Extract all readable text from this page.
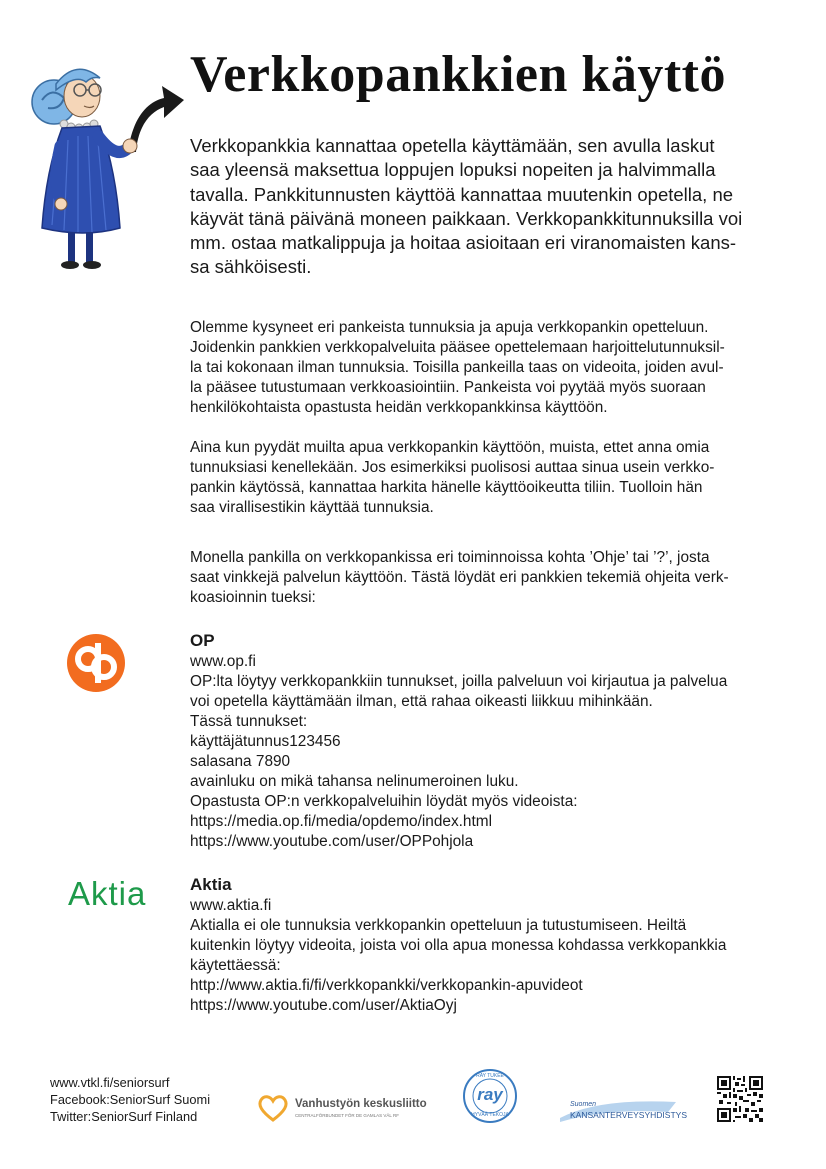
Verkkopankkien käyttö
Verkkopankkia kannattaa opetella käyttämään, sen avulla laskut
saa yleensä maksettua loppujen lopuksi nopeiten ja halvimmalla
tavalla. Pankkitunnusten käyttöä kannattaa muutenkin opetella, ne
käyvät tänä päivänä moneen paikkaan. Verkkopankkitunnuksilla voi
mm. ostaa matkalippuja ja hoitaa asioitaan eri viranomaisten kans-
sa sähköisesti.
Olemme kysyneet eri pankeista tunnuksia ja apuja verkkopankin opetteluun.
Joidenkin pankkien verkkopalveluita pääsee opettelemaan harjoittelutunnuksil-
la tai kokonaan ilman tunnuksia. Toisilla pankeilla taas on videoita, joiden avul-
la pääsee tutustumaan verkkoasiointiin. Pankeista voi pyytää myös suoraan
henkilökohtaista opastusta heidän verkkopankkinsa käyttöön.
Aina kun pyydät muilta apua verkkopankin käyttöön, muista, ettet anna omia
tunnuksiasi kenellekään. Jos esimerkiksi puolisosi auttaa sinua usein verkko-
pankin käytössä, kannattaa harkita hänelle käyttöoikeutta tiliin. Tuolloin hän
saa virallisestikin käyttää tunnuksia.
Monella pankilla on verkkopankissa eri toiminnoissa kohta ’Ohje’ tai ’?’, josta
saat vinkkejä palvelun käyttöön. Tästä löydät eri pankkien tekemiä ohjeita verk-
koasioinnin tueksi:
OP
www.op.fi
OP:lta löytyy verkkopankkiin tunnukset, joilla palveluun voi kirjautua ja palvelua
voi opetella käyttämään ilman, että rahaa oikeasti liikkuu mihinkään.
Tässä tunnukset:
käyttäjätunnus123456
salasana 7890
avainluku on mikä tahansa nelinumeroinen luku.
Opastusta OP:n verkkopalveluihin löydät myös videoista:
https://media.op.fi/media/opdemo/index.html
https://www.youtube.com/user/OPPohjola
Aktia	Aktia
www.aktia.fi
Aktialla ei ole tunnuksia verkkopankin opetteluun ja tutustumiseen. Heiltä
kuitenkin löytyy videoita, joista voi olla apua monessa kohdassa verkkopankkia
käytettäessä:
http://www.aktia.fi/fi/verkkopankki/verkkopankin-apuvideot
https://www.youtube.com/user/AktiaOyj
www.vtkl.fi/seniorsurf
Facebook:SeniorSurf Suomi
Twitter:SeniorSurf Finland
Vanhustyön keskusliitto
CENTRALFÖRBUNDET FÖR DE GAMLAS VÄL RF
RAY TUKEE
ray
HYVÄÄ TEKOJA
Suomen
KANSANTERVEYSYHDISTYS
